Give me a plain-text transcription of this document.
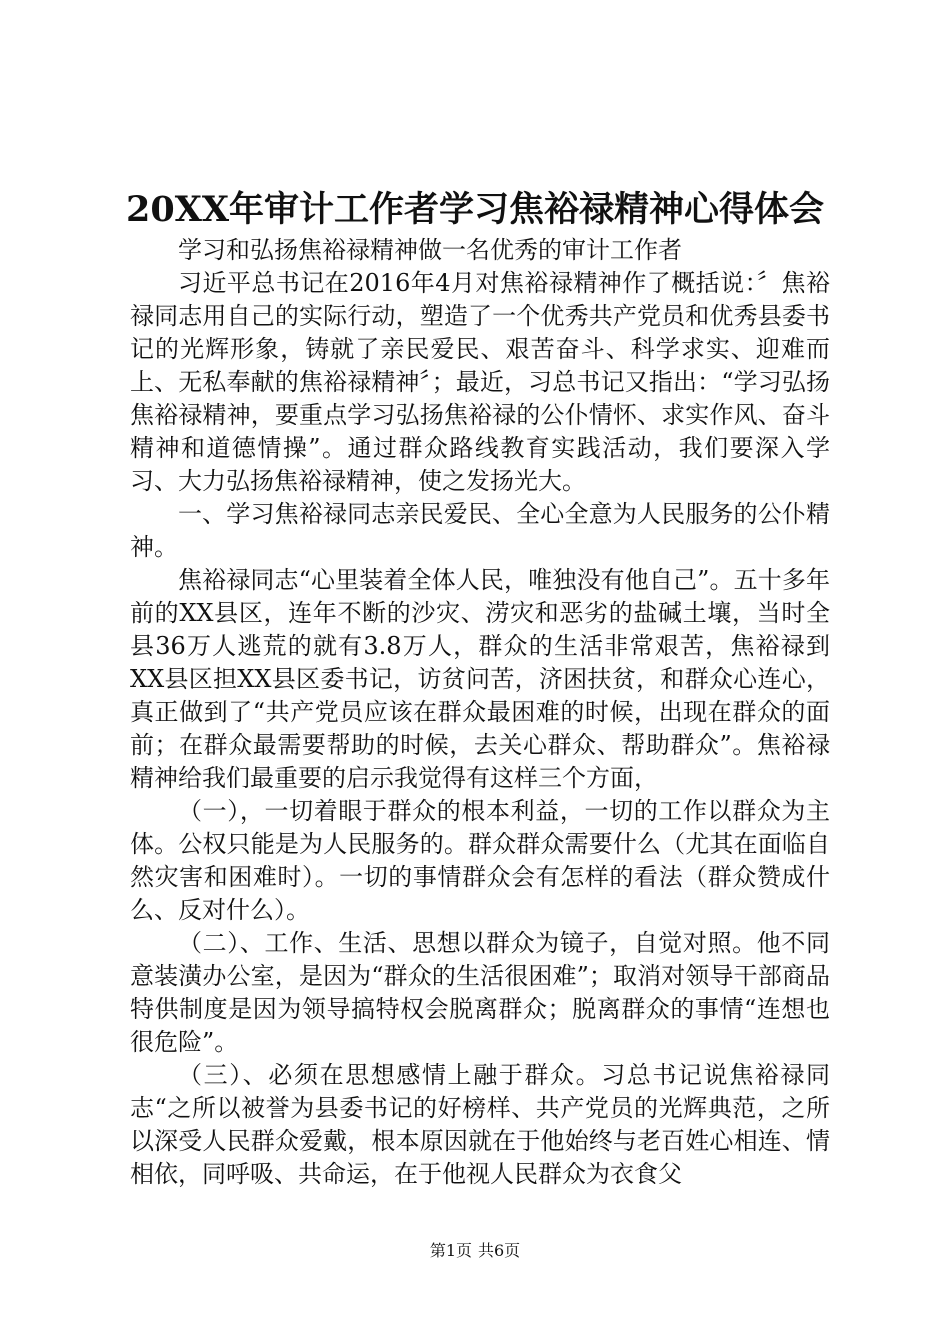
20XX年审计工作者学习焦裕禄精神心得体会

学习和弘扬焦裕禄精神做一名优秀的审计工作者

习近平总书记在2016年4月对焦裕禄精神作了概括说：〞焦裕禄同志用自己的实际行动，塑造了一个优秀共产党员和优秀县委书记的光辉形象，铸就了亲民爱民、艰苦奋斗、科学求实、迎难而上、无私奉献的焦裕禄精神〞；最近，习总书记又指出：“学习弘扬焦裕禄精神，要重点学习弘扬焦裕禄的公仆情怀、求实作风、奋斗精神和道德情操”。通过群众路线教育实践活动，我们要深入学习、大力弘扬焦裕禄精神，使之发扬光大。

一、学习焦裕禄同志亲民爱民、全心全意为人民服务的公仆精神。

焦裕禄同志“心里装着全体人民，唯独没有他自己”。五十多年前的XX县区，连年不断的沙灾、涝灾和恶劣的盐碱土壤，当时全县36万人逃荒的就有3.8万人，群众的生活非常艰苦，焦裕禄到XX县区担XX县区委书记，访贫问苦，济困扶贫，和群众心连心，真正做到了“共产党员应该在群众最困难的时候，出现在群众的面前；在群众最需要帮助的时候，去关心群众、帮助群众”。焦裕禄精神给我们最重要的启示我觉得有这样三个方面，

（一），一切着眼于群众的根本利益，一切的工作以群众为主体。公权只能是为人民服务的。群众群众需要什么（尤其在面临自然灾害和困难时）。一切的事情群众会有怎样的看法（群众赞成什么、反对什么）。

（二）、工作、生活、思想以群众为镜子，自觉对照。他不同意装潢办公室，是因为“群众的生活很困难”；取消对领导干部商品特供制度是因为领导搞特权会脱离群众；脱离群众的事情“连想也很危险”。

（三）、必须在思想感情上融于群众。习总书记说焦裕禄同志“之所以被誉为县委书记的好榜样、共产党员的光辉典范，之所以深受人民群众爱戴，根本原因就在于他始终与老百姓心相连、情相依，同呼吸、共命运，在于他视人民群众为衣食父

第1页 共6页
